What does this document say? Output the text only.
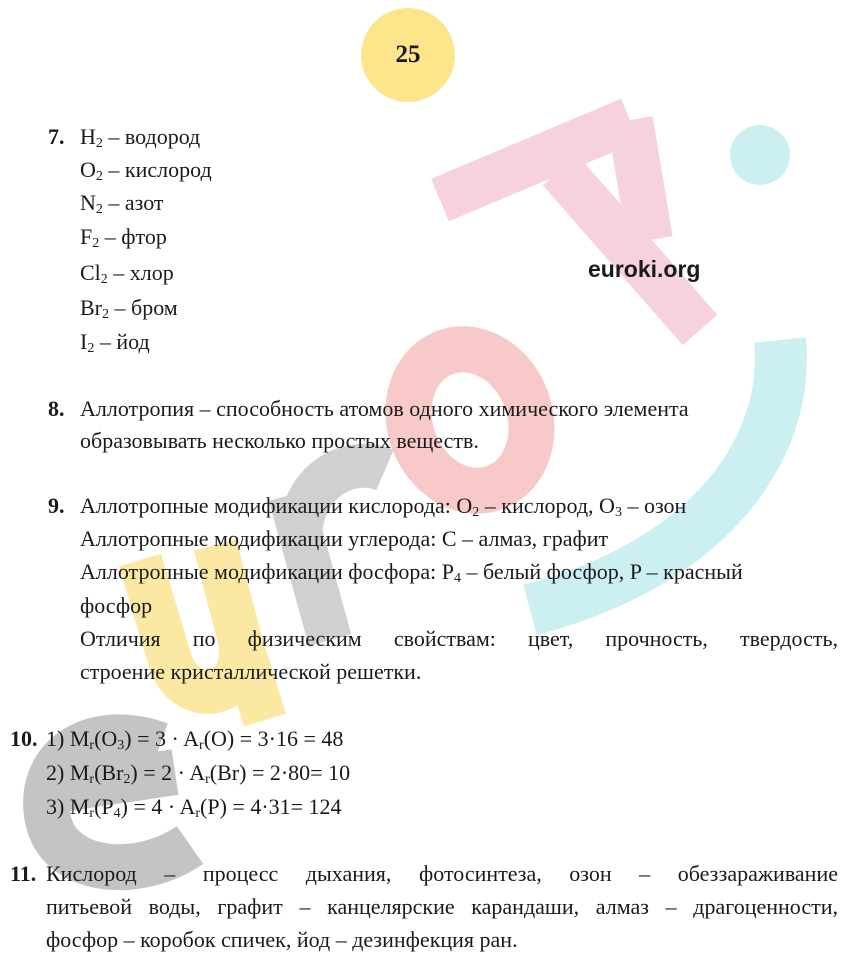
25
euroki.org
7. $H_2$ – водород
$O_2$ – кислород
$N_2$ – азот
$F_2$ – фтор
$Cl_2$ – хлор
$Br_2$ – бром
$I_2$ – йод
8. Аллотропия – способность атомов одного химического элемента
образовывать несколько простых веществ.
9. Аллотропные модификации кислорода: $O_2$ – кислород, $O_3$ – озон
Аллотропные модификации углерода: С – алмаз, графит
Аллотропные модификации фосфора: $P_4$ – белый фосфор, P – красный
фосфор
Отличия по физическим свойствам: цвет, прочность, твердость,
строение кристаллической решетки.
10. 1) $M_r(O_3) = 3 \cdot A_r(O) = 3\cdot 16 = 48$
2) $M_r(Br_2) = 2 \cdot A_r(Br) = 2\cdot 80= 10$
3) $M_r(P_4) = 4 \cdot A_r(P) = 4\cdot 31= 124$
11. Кислород – процесс дыхания, фотосинтеза, озон – обеззараживание
питьевой воды, графит – канцелярские карандаши, алмаз – драгоценности,
фосфор – коробок спичек, йод – дезинфекция ран.
